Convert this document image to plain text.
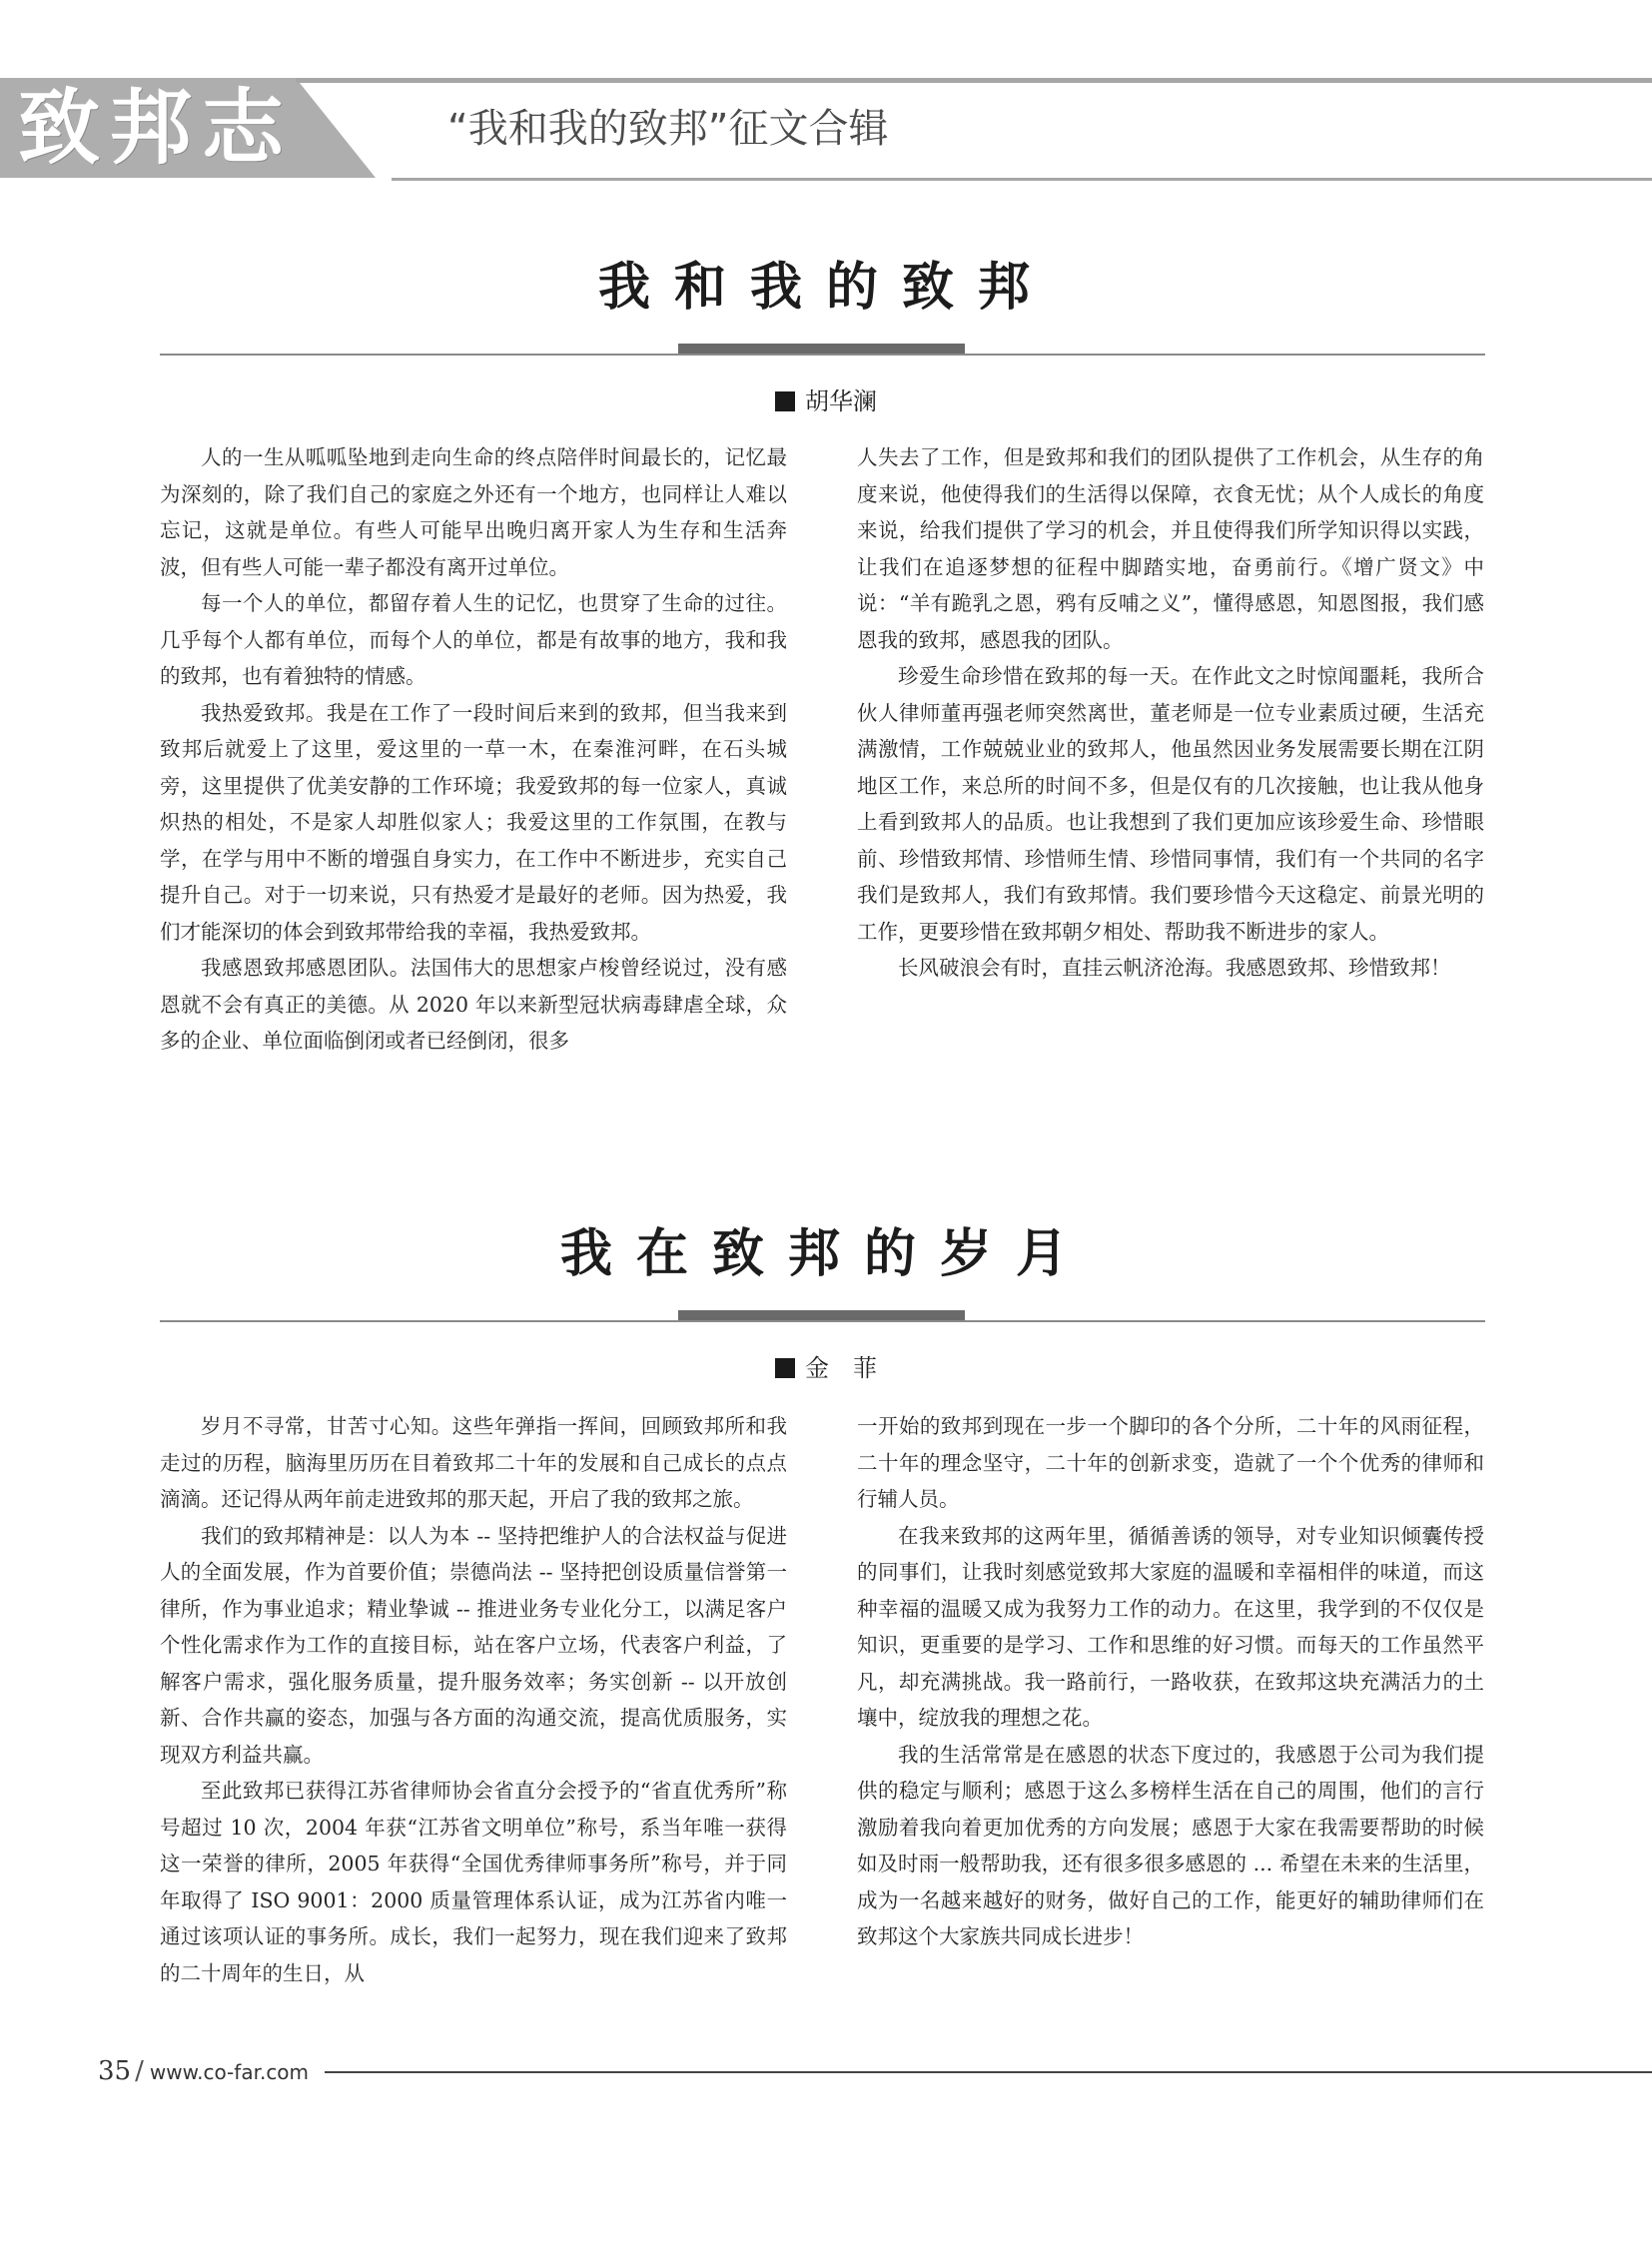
致邦志	“我和我的致邦”征文合辑
我和我的致邦
胡华澜

人的一生从呱呱坠地到走向生命的终点陪伴时间最长的，记忆最为深刻的，除了我们自己的家庭之外还有一个地方，也同样让人难以忘记，这就是单位。有些人可能早出晚归离开家人为生存和生活奔波，但有些人可能一辈子都没有离开过单位。

每一个人的单位，都留存着人生的记忆，也贯穿了生命的过往。几乎每个人都有单位，而每个人的单位，都是有故事的地方，我和我的致邦，也有着独特的情感。

我热爱致邦。我是在工作了一段时间后来到的致邦，但当我来到致邦后就爱上了这里，爱这里的一草一木，在秦淮河畔，在石头城旁，这里提供了优美安静的工作环境；我爱致邦的每一位家人，真诚炽热的相处，不是家人却胜似家人；我爱这里的工作氛围，在教与学，在学与用中不断的增强自身实力，在工作中不断进步，充实自己提升自己。对于一切来说，只有热爱才是最好的老师。因为热爱，我们才能深切的体会到致邦带给我的幸福，我热爱致邦。

我感恩致邦感恩团队。法国伟大的思想家卢梭曾经说过，没有感恩就不会有真正的美德。从 2020 年以来新型冠状病毒肆虐全球，众多的企业、单位面临倒闭或者已经倒闭，很多

人失去了工作，但是致邦和我们的团队提供了工作机会，从生存的角度来说，他使得我们的生活得以保障，衣食无忧；从个人成长的角度来说，给我们提供了学习的机会，并且使得我们所学知识得以实践，让我们在追逐梦想的征程中脚踏实地，奋勇前行。《增广贤文》中说：“羊有跪乳之恩，鸦有反哺之义”，懂得感恩，知恩图报，我们感恩我的致邦，感恩我的团队。

珍爱生命珍惜在致邦的每一天。在作此文之时惊闻噩耗，我所合伙人律师董再强老师突然离世，董老师是一位专业素质过硬，生活充满激情，工作兢兢业业的致邦人，他虽然因业务发展需要长期在江阴地区工作，来总所的时间不多，但是仅有的几次接触，也让我从他身上看到致邦人的品质。也让我想到了我们更加应该珍爱生命、珍惜眼前、珍惜致邦情、珍惜师生情、珍惜同事情，我们有一个共同的名字我们是致邦人，我们有致邦情。我们要珍惜今天这稳定、前景光明的工作，更要珍惜在致邦朝夕相处、帮助我不断进步的家人。

长风破浪会有时，直挂云帆济沧海。我感恩致邦、珍惜致邦！

我在致邦的岁月
金　菲

岁月不寻常，甘苦寸心知。这些年弹指一挥间，回顾致邦所和我走过的历程，脑海里历历在目着致邦二十年的发展和自己成长的点点滴滴。还记得从两年前走进致邦的那天起，开启了我的致邦之旅。

我们的致邦精神是：以人为本 -- 坚持把维护人的合法权益与促进人的全面发展，作为首要价值；崇德尚法 -- 坚持把创设质量信誉第一律所，作为事业追求；精业挚诚 -- 推进业务专业化分工，以满足客户个性化需求作为工作的直接目标，站在客户立场，代表客户利益，了解客户需求，强化服务质量，提升服务效率；务实创新 -- 以开放创新、合作共赢的姿态，加强与各方面的沟通交流，提高优质服务，实现双方利益共赢。

至此致邦已获得江苏省律师协会省直分会授予的“省直优秀所”称号超过 10 次，2004 年获“江苏省文明单位”称号，系当年唯一获得这一荣誉的律所，2005 年获得“全国优秀律师事务所”称号，并于同年取得了 ISO 9001：2000 质量管理体系认证，成为江苏省内唯一通过该项认证的事务所。成长，我们一起努力，现在我们迎来了致邦的二十周年的生日，从

一开始的致邦到现在一步一个脚印的各个分所，二十年的风雨征程，二十年的理念坚守，二十年的创新求变，造就了一个个优秀的律师和行辅人员。

在我来致邦的这两年里，循循善诱的领导，对专业知识倾囊传授的同事们，让我时刻感觉致邦大家庭的温暖和幸福相伴的味道，而这种幸福的温暖又成为我努力工作的动力。在这里，我学到的不仅仅是知识，更重要的是学习、工作和思维的好习惯。而每天的工作虽然平凡，却充满挑战。我一路前行，一路收获，在致邦这块充满活力的土壤中，绽放我的理想之花。

我的生活常常是在感恩的状态下度过的，我感恩于公司为我们提供的稳定与顺利；感恩于这么多榜样生活在自己的周围，他们的言行激励着我向着更加优秀的方向发展；感恩于大家在我需要帮助的时候如及时雨一般帮助我，还有很多很多感恩的 ... 希望在未来的生活里，成为一名越来越好的财务，做好自己的工作，能更好的辅助律师们在致邦这个大家族共同成长进步！

35 / www.co-far.com
